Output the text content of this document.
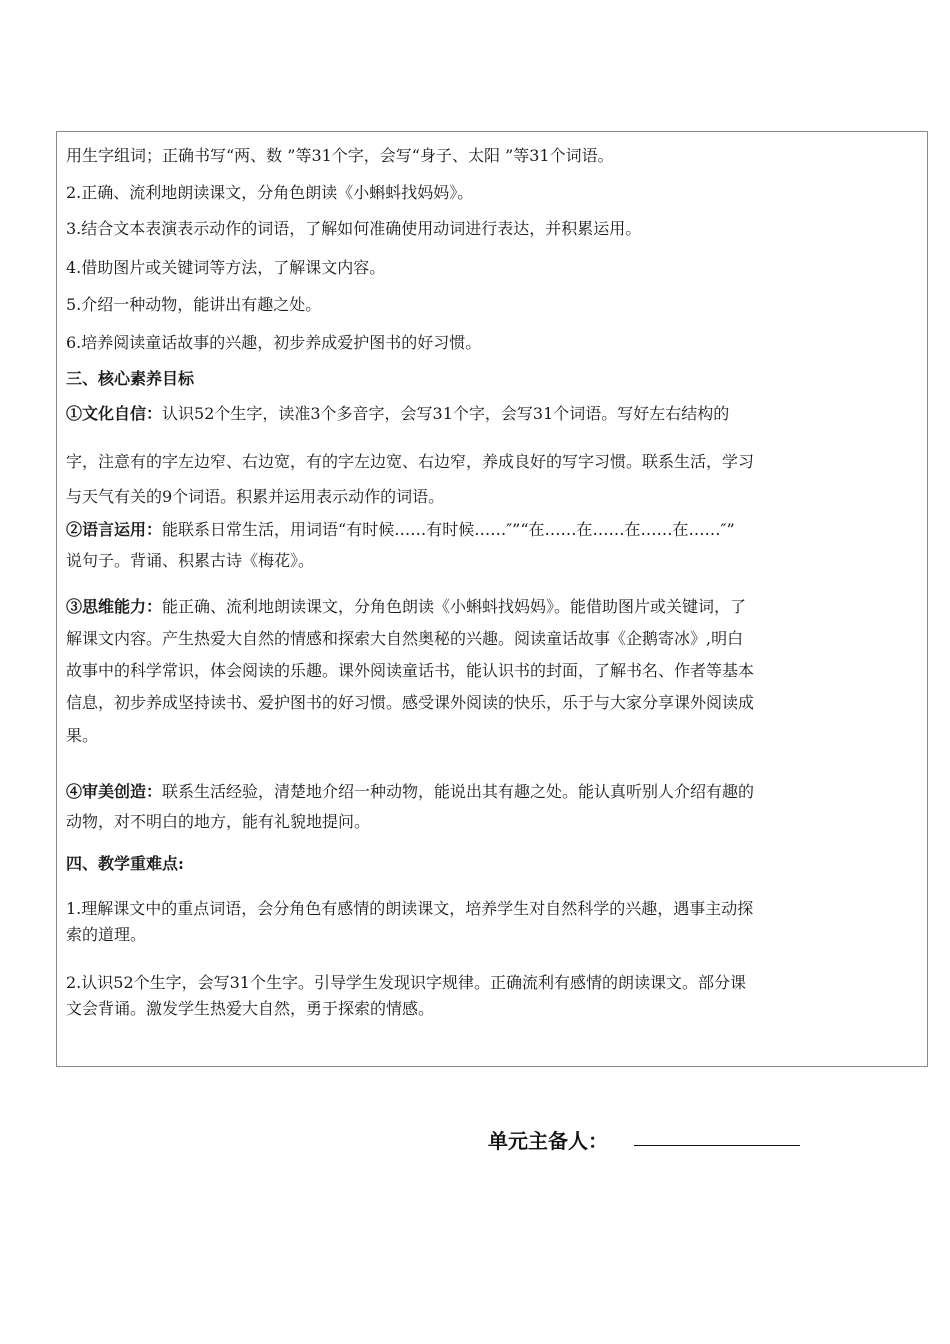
用生字组词；正确书写“两、数 ”等31个字，会写“身子、太阳 ”等31个词语。
2.正确、流利地朗读课文，分角色朗读《小蝌蚪找妈妈》。
3.结合文本表演表示动作的词语，了解如何准确使用动词进行表达，并积累运用。
4.借助图片或关键词等方法，了解课文内容。
5.介绍一种动物，能讲出有趣之处。
6.培养阅读童话故事的兴趣，初步养成爱护图书的好习惯。
三、核心素养目标
①文化自信：认识52个生字，读准3个多音字，会写31个字，会写31个词语。写好左右结构的
字，注意有的字左边窄、右边宽，有的字左边宽、右边窄，养成良好的写字习惯。联系生活，学习
与天气有关的9个词语。积累并运用表示动作的词语。
②语言运用：能联系日常生活，用词语“有时候……有时候……″”“在……在……在……在……″”
说句子。背诵、积累古诗《梅花》。
③思维能力：能正确、流利地朗读课文，分角色朗读《小蝌蚪找妈妈》。能借助图片或关键词，了
解课文内容。产生热爱大自然的情感和探索大自然奥秘的兴趣。阅读童话故事《企鹅寄冰》,明白
故事中的科学常识，体会阅读的乐趣。课外阅读童话书，能认识书的封面，了解书名、作者等基本
信息，初步养成坚持读书、爱护图书的好习惯。感受课外阅读的快乐，乐于与大家分享课外阅读成
果。
④审美创造：联系生活经验，清楚地介绍一种动物，能说出其有趣之处。能认真听别人介绍有趣的
动物，对不明白的地方，能有礼貌地提问。
四、教学重难点:
1.理解课文中的重点词语，会分角色有感情的朗读课文，培养学生对自然科学的兴趣，遇事主动探
索的道理。
2.认识52个生字，会写31个生字。引导学生发现识字规律。正确流利有感情的朗读课文。部分课
文会背诵。激发学生热爱大自然，勇于探索的情感。
单元主备人：
